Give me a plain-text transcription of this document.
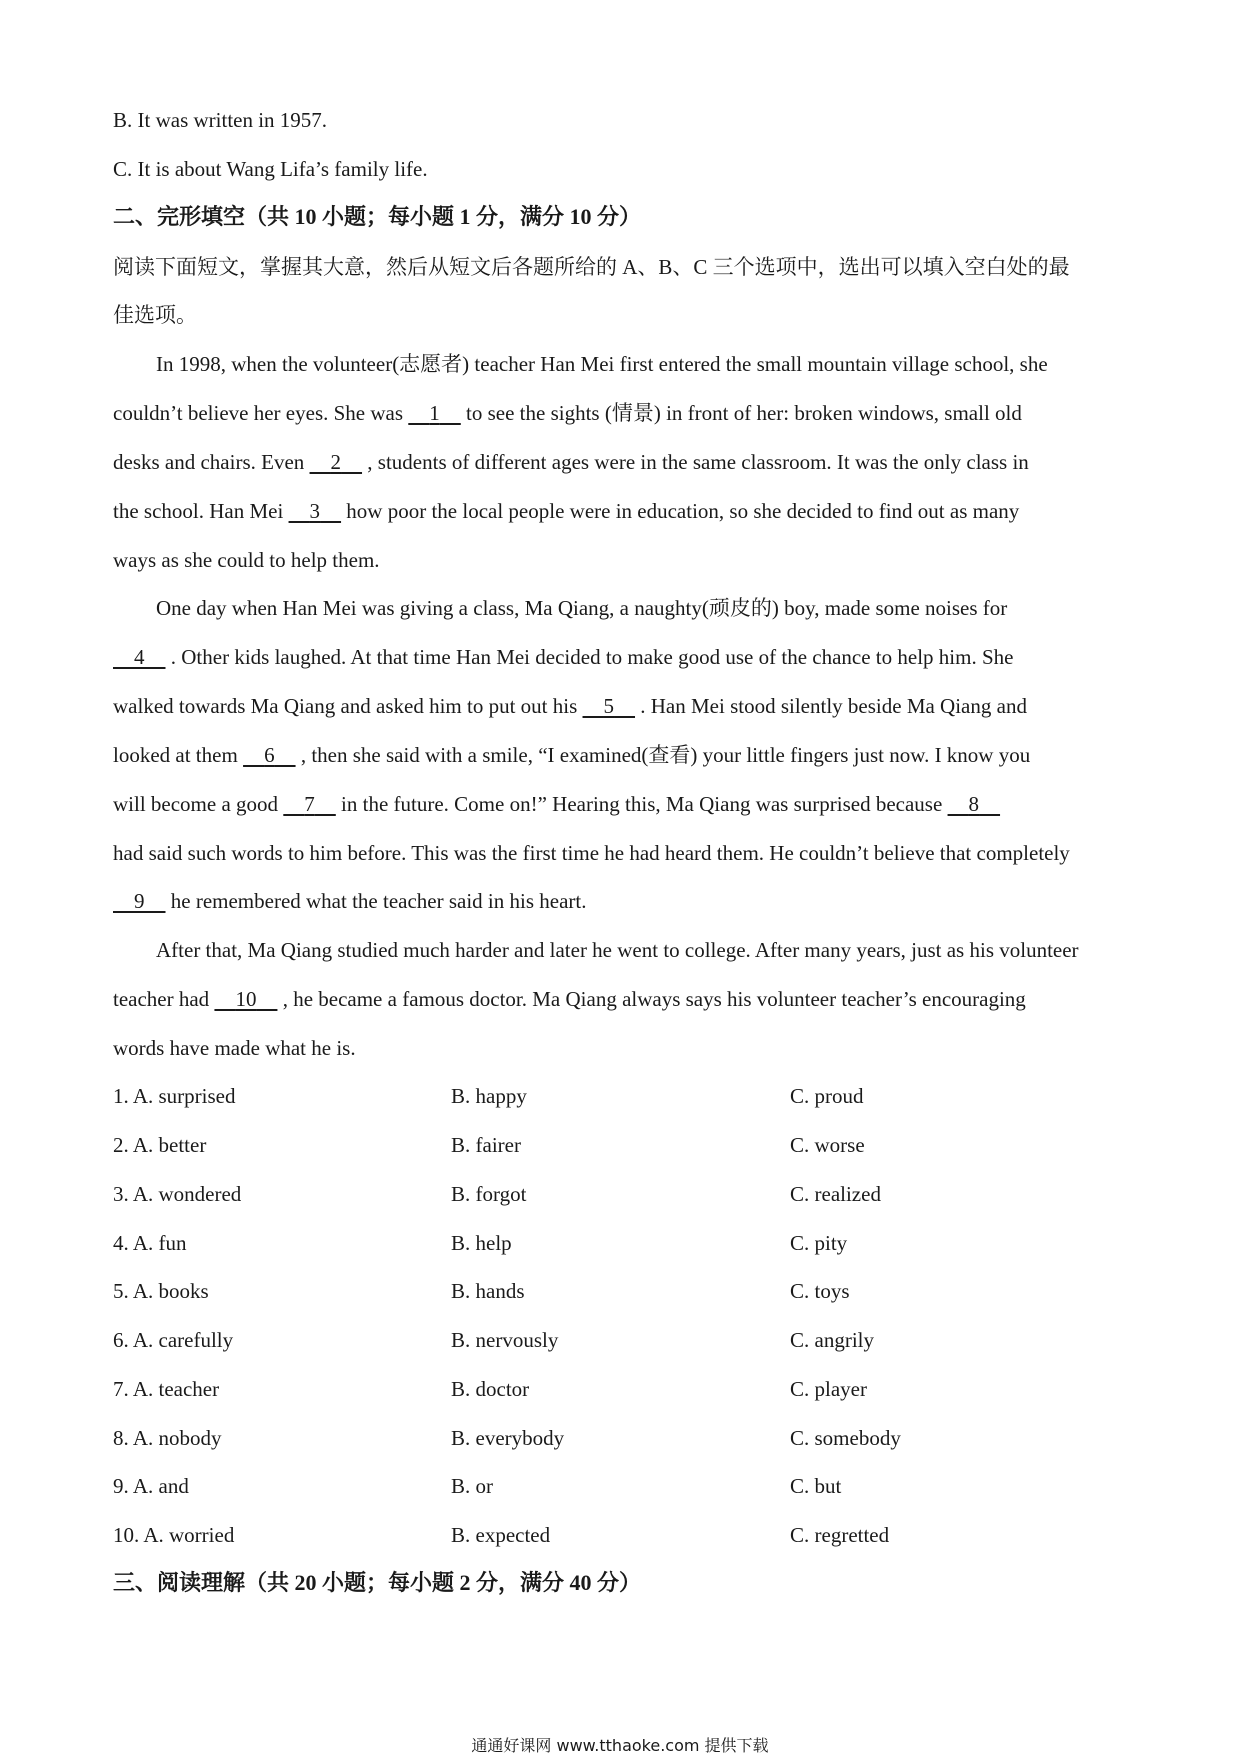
B. It was written in 1957.
C. It is about Wang Lifa’s family life.
二、完形填空（共 10 小题；每小题 1 分，满分 10 分）
阅读下面短文，掌握其大意，然后从短文后各题所给的 A、B、C 三个选项中，选出可以填入空白处的最
佳选项。
In 1998, when the volunteer(志愿者) teacher Han Mei first entered the small mountain village school, she
couldn’t believe her eyes. She was     1     to see the sights (情景) in front of her: broken windows, small old
desks and chairs. Even     2     , students of different ages were in the same classroom. It was the only class in
the school. Han Mei     3     how poor the local people were in education, so she decided to find out as many
ways as she could to help them.
One day when Han Mei was giving a class, Ma Qiang, a naughty(顽皮的) boy, made some noises for
4     . Other kids laughed. At that time Han Mei decided to make good use of the chance to help him. She
walked towards Ma Qiang and asked him to put out his     5     . Han Mei stood silently beside Ma Qiang and
looked at them     6     , then she said with a smile, “I examined(查看) your little fingers just now. I know you
will become a good     7     in the future. Come on!” Hearing this, Ma Qiang was surprised because     8
had said such words to him before. This was the first time he had heard them. He couldn’t believe that completely
9     he remembered what the teacher said in his heart.
After that, Ma Qiang studied much harder and later he went to college. After many years, just as his volunteer
teacher had     10     , he became a famous doctor. Ma Qiang always says his volunteer teacher’s encouraging
words have made what he is.
1. A. surprised	B. happy	C. proud
2. A. better	B. fairer	C. worse
3. A. wondered	B. forgot	C. realized
4. A. fun	B. help	C. pity
5. A. books	B. hands	C. toys
6. A. carefully	B. nervously	C. angrily
7. A. teacher	B. doctor	C. player
8. A. nobody	B. everybody	C. somebody
9. A. and	B. or	C. but
10. A. worried	B. expected	C. regretted
三、阅读理解（共 20 小题；每小题 2 分，满分 40 分）
通通好课网 www.tthaoke.com 提供下载
